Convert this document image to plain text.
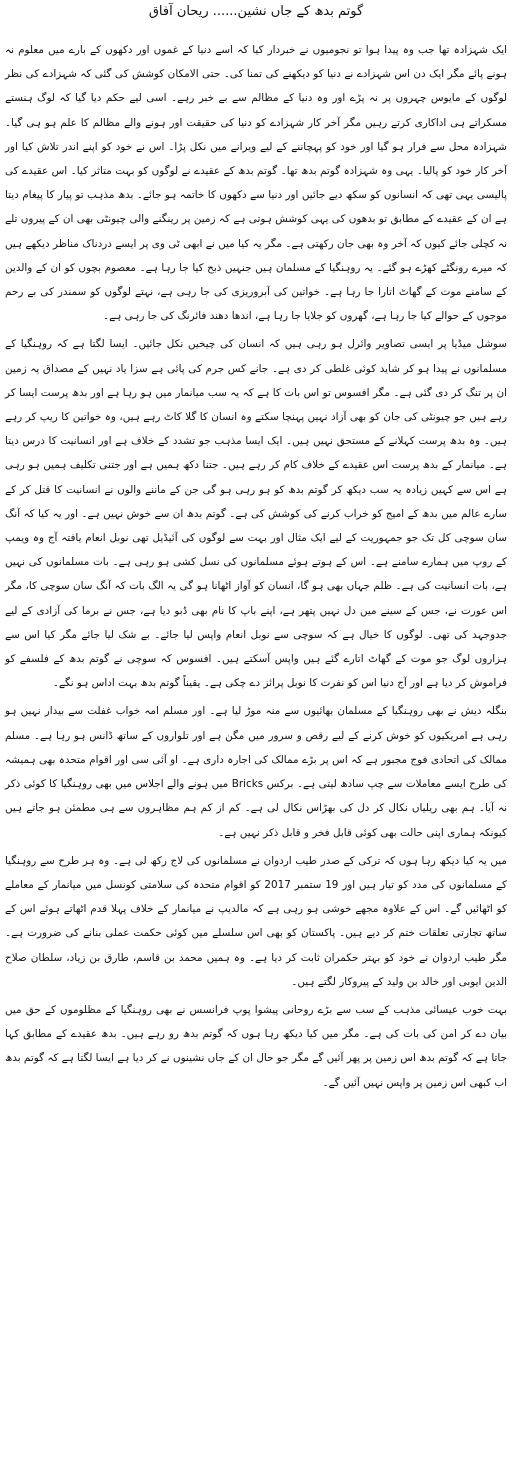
گوتم بدھ کے جاں نشین...... ریحان آفاق

ایک شہزادہ تھا جب وہ پیدا ہوا تو نجومیوں نے خبردار کیا کہ اسے دنیا کے غموں اور دکھوں کے بارے میں معلوم نہ ہونے پائے مگر ایک دن اس شہزادے نے دنیا کو دیکھنے کی تمنا کی۔ حتی الامکان کوشش کی گئی کہ شہزادے کی نظر لوگوں کے مایوس چہروں پر نہ پڑے اور وہ دنیا کے مظالم سے بے خبر رہے۔ اسی لیے حکم دیا گیا کہ لوگ ہنستے مسکراتے ہی اداکاری کرتے رہیں مگر آخر کار شہزادے کو دنیا کی حقیقت اور ہونے والے مظالم کا علم ہو ہی گیا۔ شہزادہ محل سے فرار ہو گیا اور خود کو پہچاننے کے لیے ویرانے میں نکل پڑا۔ اس نے خود کو اپنے اندر تلاش کیا اور آخر کار خود کو پالیا۔ یہی وہ شہزادہ گوتم بدھ تھا۔ گوتم بدھ کے عقیدے نے لوگوں کو بہت متاثر کیا۔ اس عقیدے کی پالیسی یہی تھی کہ انسانوں کو سکھ دیے جائیں اور دنیا سے دکھوں کا خاتمہ ہو جائے۔ بدھ مذہب تو پیار کا پیغام دیتا ہے ان کے عقیدے کے مطابق تو بدھوں کی یہی کوشش ہوتی ہے کہ زمین پر رینگنے والی چیونٹی بھی ان کے پیروں تلے نہ کچلی جائے کیوں کہ آخر وہ بھی جان رکھتی ہے۔ مگر یہ کیا میں نے ابھی ٹی وی پر ایسے دردناک مناظر دیکھے ہیں کہ میرے رونگٹے کھڑے ہو گئے۔ یہ روہنگیا کے مسلمان ہیں جنہیں ذبح کیا جا رہا ہے۔ معصوم بچوں کو ان کے والدین کے سامنے موت کے گھاٹ اتارا جا رہا ہے۔ خواتین کی آبروریزی کی جا رہی ہے، نہتے لوگوں کو سمندر کی بے رحم موجوں کے حوالے کیا جا رہا ہے، گھروں کو جلایا جا رہا ہے، اندھا دھند فائرنگ کی جا رہی ہے۔

سوشل میڈیا پر ایسی تصاویر وائرل ہو رہی ہیں کہ انسان کی چیخیں نکل جائیں۔ ایسا لگتا ہے کہ روہنگیا کے مسلمانوں نے پیدا ہو کر شاید کوئی غلطی کر دی ہے۔ جانے کس جرم کی پائی ہے سزا یاد نہیں کے مصداق یہ زمین ان پر تنگ کر دی گئی ہے۔ مگر افسوس تو اس بات کا ہے کہ یہ سب میانمار میں ہو رہا ہے اور بدھ پرست ایسا کر رہے ہیں جو چیونٹی کی جان کو بھی آزاد نہیں پہنچا سکتے وہ انسان کا گلا کاٹ رہے ہیں، وہ خواتین کا ریپ کر رہے ہیں۔ وہ بدھ پرست کہلانے کے مستحق نہیں ہیں۔ ایک ایسا مذہب جو تشدد کے خلاف ہے اور انسانیت کا درس دیتا ہے۔ میانمار کے بدھ پرست اس عقیدے کے خلاف کام کر رہے ہیں۔ جتنا دکھ ہمیں ہے اور جتنی تکلیف ہمیں ہو رہی ہے اس سے کہیں زیادہ یہ سب دیکھ کر گوتم بدھ کو ہو رہی ہو گی جن کے ماننے والوں نے انسانیت کا قتل کر کے سارے عالم میں بدھ کے امیج کو خراب کرنے کی کوشش کی ہے۔ گوتم بدھ ان سے خوش نہیں ہے۔ اور یہ کیا کہ آنگ سان سوچی کل تک جو جمہوریت کے لیے ایک مثال اور بہت سے لوگوں کی آئیڈیل تھی نوبل انعام یافتہ آج وہ ویمپ کے روپ میں ہمارے سامنے ہے۔ اس کے ہوتے ہوئے مسلمانوں کی نسل کشی ہو رہی ہے۔ بات مسلمانوں کی نہیں ہے، بات انسانیت کی ہے۔ ظلم جہاں بھی ہو گا، انسان کو آواز اٹھانا ہو گی یہ الگ بات کہ آنگ سان سوچی کا، مگر اس عورت نے، جس کے سینے میں دل نہیں پتھر ہے، اپنے باپ کا نام بھی ڈبو دیا ہے، جس نے برما کی آزادی کے لیے جدوجہد کی تھی۔ لوگوں کا خیال ہے کہ سوچی سے نوبل انعام واپس لیا جائے۔ بے شک لیا جائے مگر کیا اس سے ہزاروں لوگ جو موت کے گھاٹ اتارے گئے ہیں واپس آسکتے ہیں۔ افسوس کہ سوچی نے گوتم بدھ کے فلسفے کو فراموش کر دیا ہے اور آج دنیا اس کو نفرت کا نوبل پرائز دے چکی ہے۔ یقیناً گوتم بدھ بہت اداس ہو نگے۔

بنگلہ دیش نے بھی روہنگیا کے مسلمان بھائیوں سے منہ موڑ لیا ہے۔ اور مسلم امہ خواب غفلت سے بیدار نہیں ہو رہی ہے امریکیوں کو خوش کرنے کے لیے رقص و سرور میں مگن ہے اور تلواروں کے ساتھ ڈانس ہو رہا ہے۔ مسلم ممالک کی اتحادی فوج مجبور ہے کہ اس پر بڑے ممالک کی اجارہ داری ہے۔ او آئی سی اور اقوام متحدہ بھی ہمیشہ کی طرح ایسے معاملات سے چپ سادھ لیتی ہے۔ برکس Bricks میں ہونے والے اجلاس میں بھی روہنگیا کا کوئی ذکر نہ آیا۔ ہم بھی ریلیاں نکال کر دل کی بھڑاس نکال لی ہے۔ کم از کم ہم مظاہروں سے ہی مطمئن ہو جاتے ہیں کیونکہ ہماری اپنی حالت بھی کوئی قابل فخر و قابل ذکر نہیں ہے۔

میں یہ کیا دیکھ رہا ہوں کہ ترکی کے صدر طیب اردوان نے مسلمانوں کی لاج رکھ لی ہے۔ وہ ہر طرح سے روہنگیا کے مسلمانوں کی مدد کو تیار ہیں اور 19 ستمبر 2017 کو اقوام متحدہ کی سلامتی کونسل میں میانمار کے معاملے کو اٹھائیں گے۔ اس کے علاوہ مجھے خوشی ہو رہی ہے کہ مالدیپ نے میانمار کے خلاف پہلا قدم اٹھاتے ہوئے اس کے ساتھ تجارتی تعلقات ختم کر دیے ہیں۔ پاکستان کو بھی اس سلسلے میں کوئی حکمت عملی بنانے کی ضرورت ہے۔ مگر طیب اردوان نے خود کو بہتر حکمران ثابت کر دیا ہے۔ وہ ہمیں محمد بن قاسم، طارق بن زیاد، سلطان صلاح الدین ایوبی اور خالد بن ولید کے پیروکار لگتے ہیں۔

بہت خوب عیسائی مذہب کے سب سے بڑے روحانی پیشوا پوپ فرانسس نے بھی روہنگیا کے مظلوموں کے حق میں بیان دے کر امن کی بات کی ہے۔ مگر میں کیا دیکھ رہا ہوں کہ گوتم بدھ رو رہے ہیں۔ بدھ عقیدے کے مطابق کہا جاتا ہے کہ گوتم بدھ اس زمین پر پھر آئیں گے مگر جو حال ان کے جاں نشینوں نے کر دیا ہے ایسا لگتا ہے کہ گوتم بدھ اب کبھی اس زمین پر واپس نہیں آئیں گے۔
